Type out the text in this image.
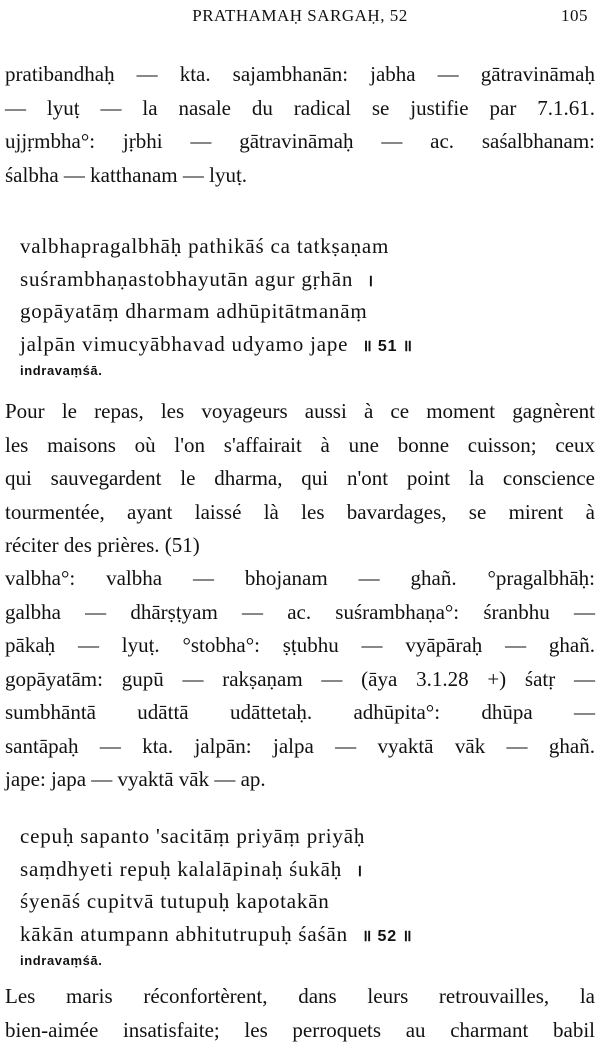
PRATHAMAḤ SARGAḤ, 52	105
pratibandhaḥ — kta. sajambhanān: jabha — gātravināmaḥ
— lyuṭ — la nasale du radical se justifie par 7.1.61.
ujjṛmbha°: jṛbhi — gātravināmaḥ — ac. saśalbhanam:
śalbha — katthanam — lyuṭ.
valbhapragalbhāḥ pathikāś ca tatkṣaṇam
suśrambhaṇastobhayutān agur gṛhān ।
gopāyatāṃ dharmam adhūpitātmanāṃ
jalpān vimucyābhavad udyamo jape ॥ 51 ॥
indravaṃśā.
Pour le repas, les voyageurs aussi à ce moment gagnèrent
les maisons où l'on s'affairait à une bonne cuisson; ceux
qui sauvegardent le dharma, qui n'ont point la conscience
tourmentée, ayant laissé là les bavardages, se mirent à
réciter des prières. (51)
valbha°: valbha — bhojanam — ghañ. °pragalbhāḥ:
galbha — dhārṣṭyam — ac. suśrambhaṇa°: śranbhu —
pākaḥ — lyuṭ. °stobha°: ṣṭubhu — vyāpāraḥ — ghañ.
gopāyatām: gupū — rakṣaṇam — (āya 3.1.28 +) śatṛ —
sumbhāntā udāttā udāttetaḥ. adhūpita°: dhūpa —
santāpaḥ — kta. jalpān: jalpa — vyaktā vāk — ghañ.
jape: japa — vyaktā vāk — ap.
cepuḥ sapanto 'sacitāṃ priyāṃ priyāḥ
saṃdhyeti repuḥ kalalāpinaḥ śukāḥ ।
śyenāś cupitvā tutupuḥ kapotakān
kākān atumpann abhitutrupuḥ śaśān ॥ 52 ॥
indravaṃśā.
Les maris réconfortèrent, dans leurs retrouvailles, la
bien-aimée insatisfaite; les perroquets au charmant babil
